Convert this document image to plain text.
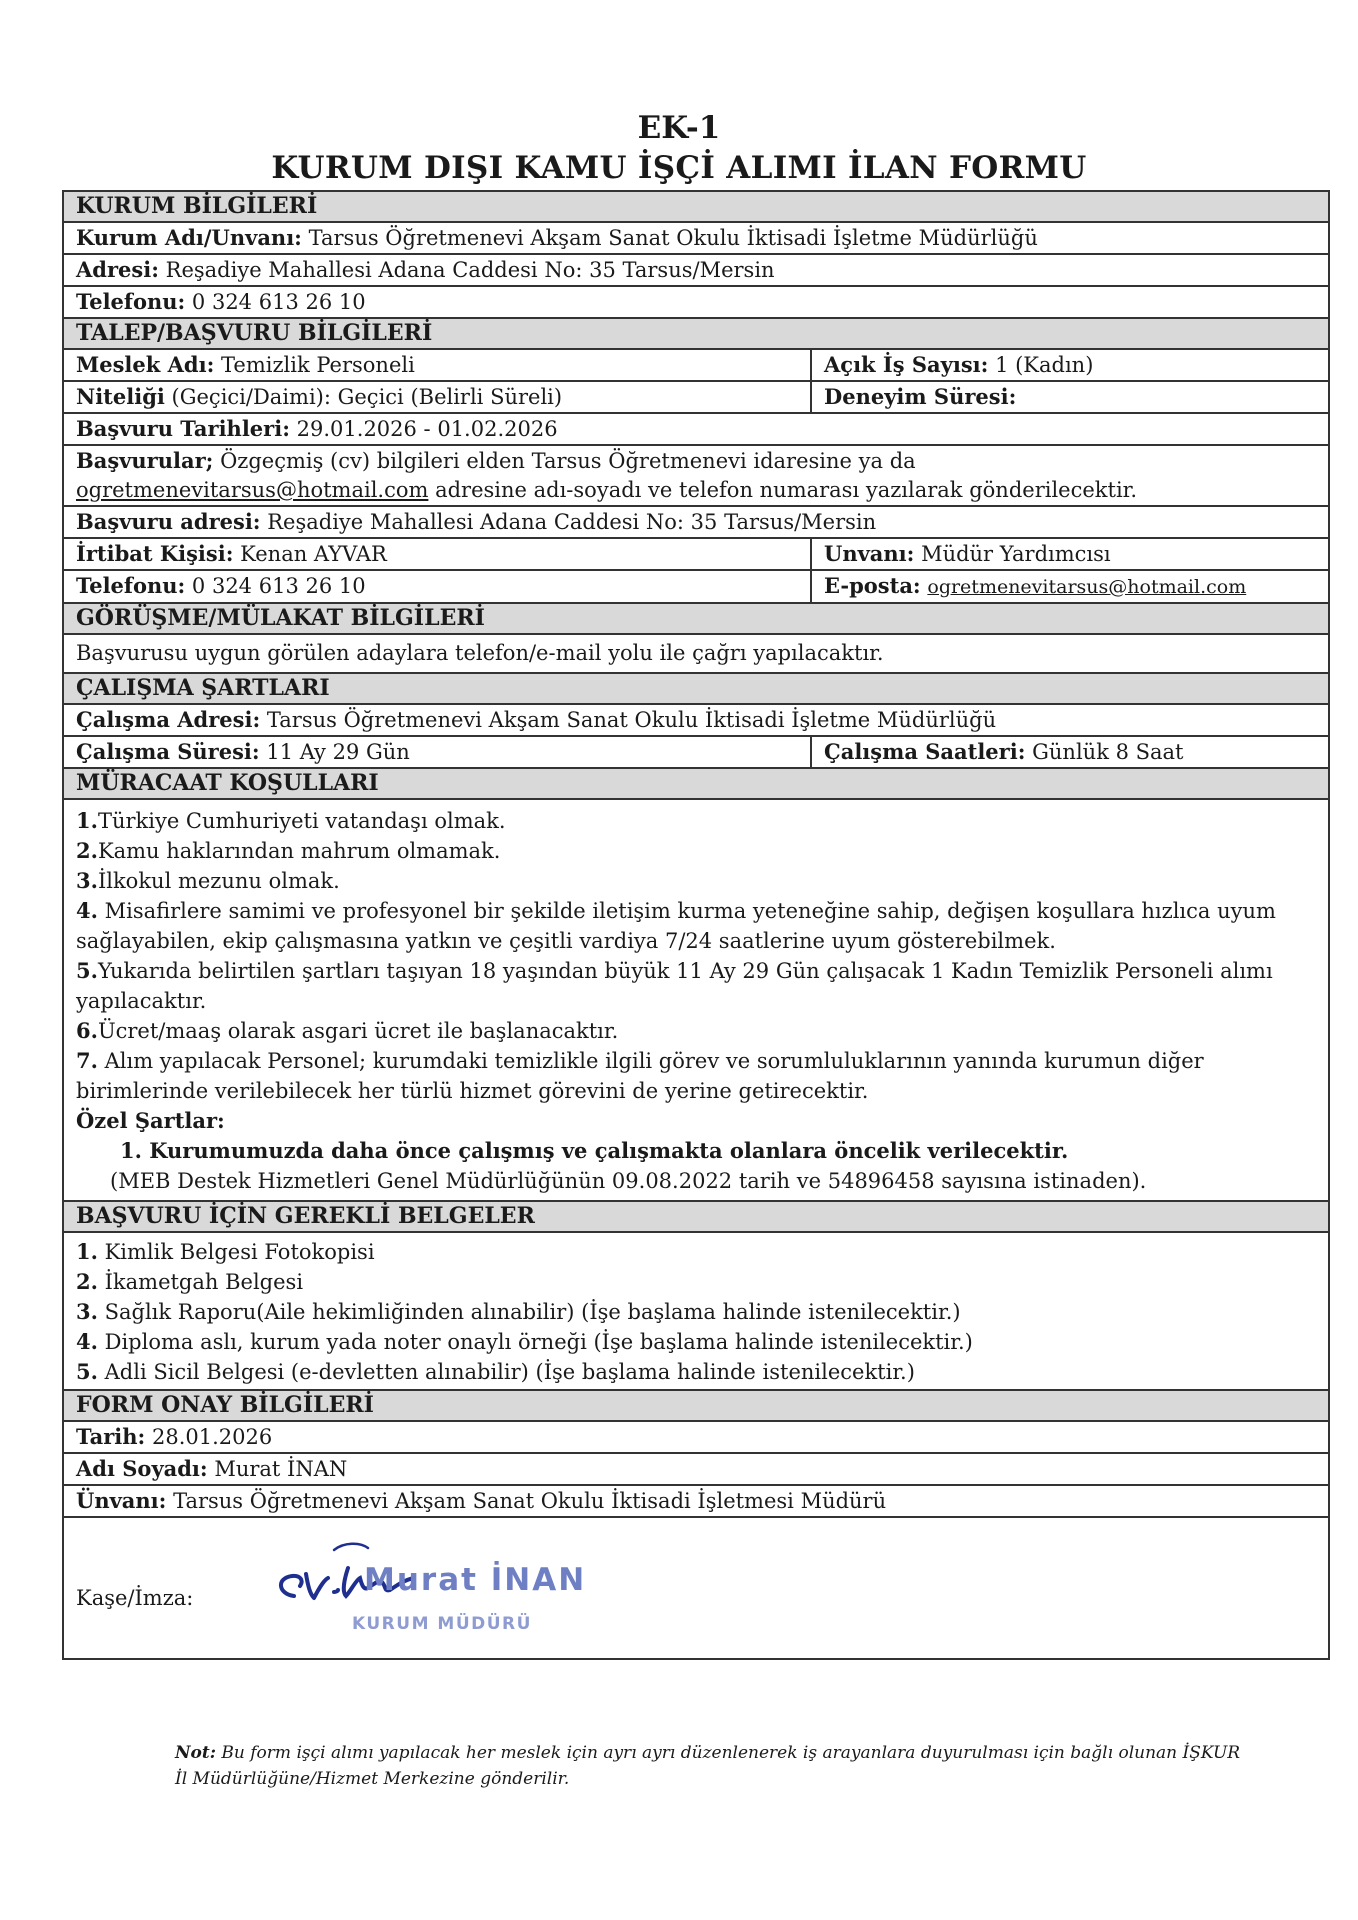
EK-1
KURUM DIŞI KAMU İŞÇİ ALIMI İLAN FORMU
KURUM BİLGİLERİ
Kurum Adı/Unvanı: Tarsus Öğretmenevi Akşam Sanat Okulu İktisadi İşletme Müdürlüğü
Adresi: Reşadiye Mahallesi Adana Caddesi No: 35 Tarsus/Mersin
Telefonu: 0 324 613 26 10
TALEP/BAŞVURU BİLGİLERİ
Meslek Adı: Temizlik Personeli	Açık İş Sayısı: 1 (Kadın)
Niteliği (Geçici/Daimi): Geçici (Belirli Süreli)	Deneyim Süresi:
Başvuru Tarihleri: 29.01.2026 - 01.02.2026
Başvurular; Özgeçmiş (cv) bilgileri elden Tarsus Öğretmenevi idaresine ya da
ogretmenevitarsus@hotmail.com adresine adı-soyadı ve telefon numarası yazılarak gönderilecektir.
Başvuru adresi: Reşadiye Mahallesi Adana Caddesi No: 35 Tarsus/Mersin
İrtibat Kişisi: Kenan AYVAR	Unvanı: Müdür Yardımcısı
Telefonu: 0 324 613 26 10	E-posta: ogretmenevitarsus@hotmail.com
GÖRÜŞME/MÜLAKAT BİLGİLERİ
Başvurusu uygun görülen adaylara telefon/e-mail yolu ile çağrı yapılacaktır.
ÇALIŞMA ŞARTLARI
Çalışma Adresi: Tarsus Öğretmenevi Akşam Sanat Okulu İktisadi İşletme Müdürlüğü
Çalışma Süresi: 11 Ay 29 Gün	Çalışma Saatleri: Günlük 8 Saat
MÜRACAAT KOŞULLARI
1.Türkiye Cumhuriyeti vatandaşı olmak.
2.Kamu haklarından mahrum olmamak.
3.İlkokul mezunu olmak.
4. Misafirlere samimi ve profesyonel bir şekilde iletişim kurma yeteneğine sahip, değişen koşullara hızlıca uyum sağlayabilen, ekip çalışmasına yatkın ve çeşitli vardiya 7/24 saatlerine uyum gösterebilmek.
5.Yukarıda belirtilen şartları taşıyan 18 yaşından büyük 11 Ay 29 Gün çalışacak 1 Kadın Temizlik Personeli alımı yapılacaktır.
6.Ücret/maaş olarak asgari ücret ile başlanacaktır.
7. Alım yapılacak Personel; kurumdaki temizlikle ilgili görev ve sorumluluklarının yanında kurumun diğer birimlerinde verilebilecek her türlü hizmet görevini de yerine getirecektir.
Özel Şartlar:
1. Kurumumuzda daha önce çalışmış ve çalışmakta olanlara öncelik verilecektir.
(MEB Destek Hizmetleri Genel Müdürlüğünün 09.08.2022 tarih ve 54896458 sayısına istinaden).
BAŞVURU İÇİN GEREKLİ BELGELER
1. Kimlik Belgesi Fotokopisi
2. İkametgah Belgesi
3. Sağlık Raporu(Aile hekimliğinden alınabilir) (İşe başlama halinde istenilecektir.)
4. Diploma aslı, kurum yada noter onaylı örneği (İşe başlama halinde istenilecektir.)
5. Adli Sicil Belgesi (e-devletten alınabilir) (İşe başlama halinde istenilecektir.)
FORM ONAY BİLGİLERİ
Tarih: 28.01.2026
Adı Soyadı: Murat İNAN
Ünvanı: Tarsus Öğretmenevi Akşam Sanat Okulu İktisadi İşletmesi Müdürü
Kaşe/İmza:	Murat İNAN
KURUM MÜDÜRÜ
Not: Bu form işçi alımı yapılacak her meslek için ayrı ayrı düzenlenerek iş arayanlara duyurulması için bağlı olunan İŞKUR İl Müdürlüğüne/Hizmet Merkezine gönderilir.
